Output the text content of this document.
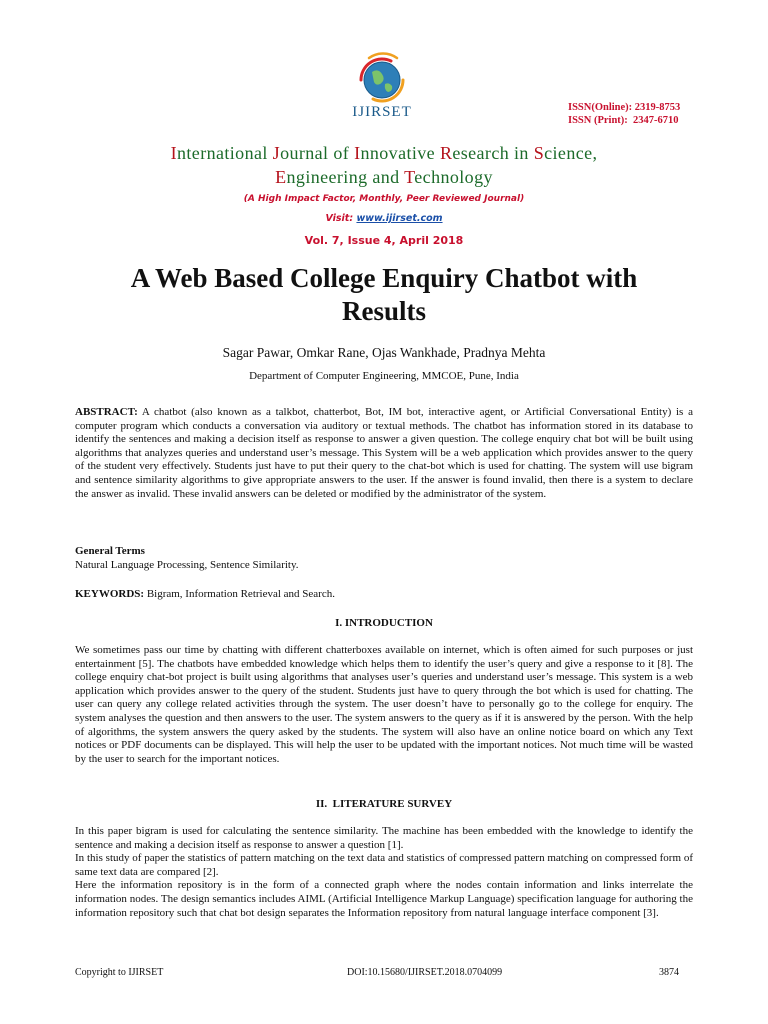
IJIRSET	ISSN(Online): 2319-8753
ISSN (Print):  2347-6710
International Journal of Innovative Research in Science,
Engineering and Technology
(A High Impact Factor, Monthly, Peer Reviewed Journal)
Visit: www.ijirset.com
Vol. 7, Issue 4, April 2018
A Web Based College Enquiry Chatbot with
Results
Sagar Pawar, Omkar Rane, Ojas Wankhade, Pradnya Mehta
Department of Computer Engineering, MMCOE, Pune, India

ABSTRACT: A chatbot (also known as a talkbot, chatterbot, Bot, IM bot, interactive agent, or Artificial Conversational Entity) is a computer program which conducts a conversation via auditory or textual methods. The chatbot has information stored in its database to identify the sentences and making a decision itself as response to answer a given question. The college enquiry chat bot will be built using algorithms that analyzes queries and understand user’s message. This System will be a web application which provides answer to the query of the student very effectively. Students just have to put their query to the chat-bot which is used for chatting. The system will use bigram and sentence similarity algorithms to give appropriate answers to the user. If the answer is found invalid, then there is a system to declare the answer as invalid. These invalid answers can be deleted or modified by the administrator of the system.

General Terms

Natural Language Processing, Sentence Similarity.

KEYWORDS: Bigram, Information Retrieval and Search.

I. INTRODUCTION

We sometimes pass our time by chatting with different chatterboxes available on internet, which is often aimed for such purposes or just entertainment [5]. The chatbots have embedded knowledge which helps them to identify the user’s query and give a response to it [8]. The college enquiry chat-bot project is built using algorithms that analyses user’s queries and understand user’s message. This system is a web application which provides answer to the query of the student. Students just have to query through the bot which is used for chatting. The user can query any college related activities through the system. The user doesn’t have to personally go to the college for enquiry. The system analyses the question and then answers to the user. The system answers to the query as if it is answered by the person. With the help of algorithms, the system answers the query asked by the students. The system will also have an online notice board on which any Text notices or PDF documents can be displayed. This will help the user to be updated with the important notices. Not much time will be wasted by the user to search for the important notices.

II.  LITERATURE SURVEY

In this paper bigram is used for calculating the sentence similarity. The machine has been embedded with the knowledge to identify the sentence and making a decision itself as response to answer a question [1].

In this study of paper the statistics of pattern matching on the text data and statistics of compressed pattern matching on compressed form of same text data are compared [2].

Here the information repository is in the form of a connected graph where the nodes contain information and links interrelate the information nodes. The design semantics includes AIML (Artificial Intelligence Markup Language) specification language for authoring the information repository such that chat bot design separates the Information repository from natural language interface component [3].

Copyright to IJIRSET	DOI:10.15680/IJIRSET.2018.0704099	3874
